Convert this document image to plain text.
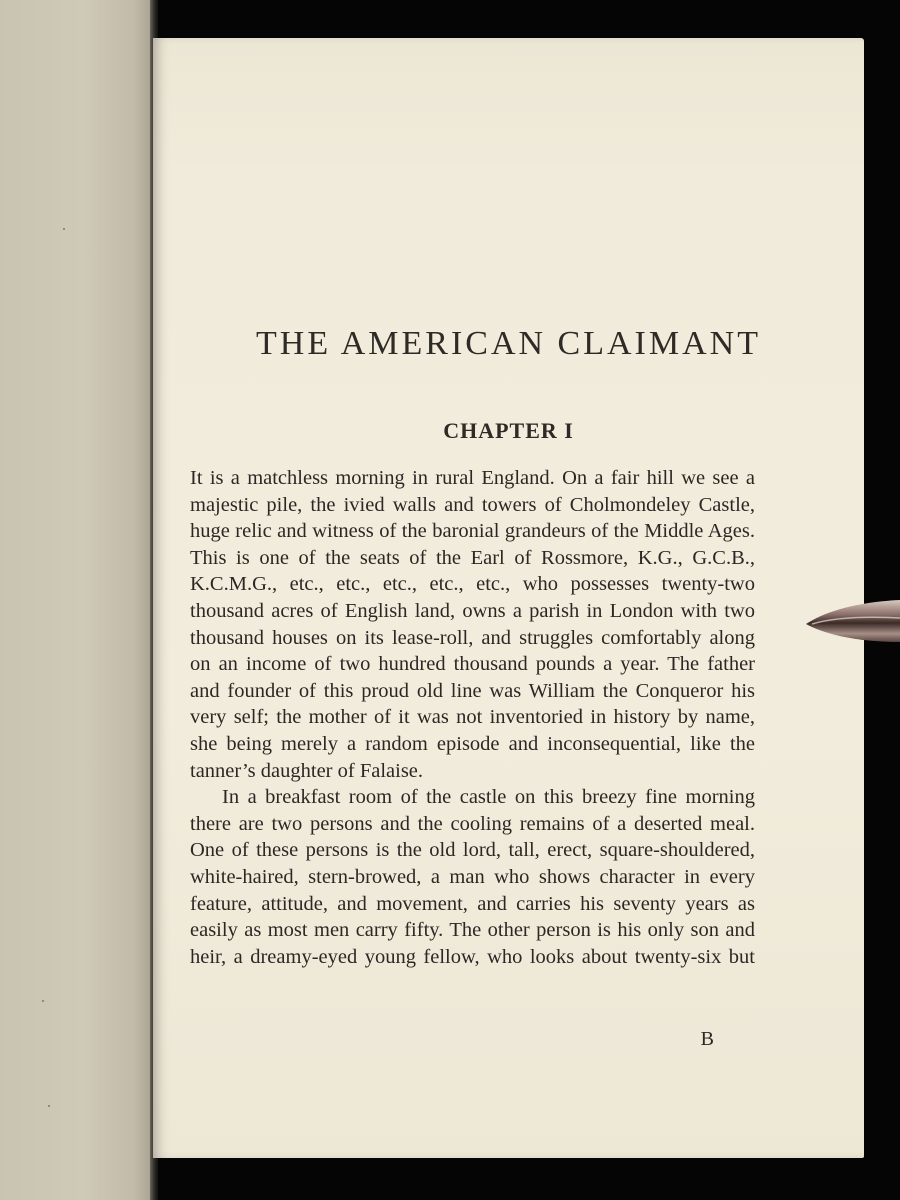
THE AMERICAN CLAIMANT
CHAPTER I

It is a matchless morning in rural England. On a fair hill we see a majestic pile, the ivied walls and towers of Cholmondeley Castle, huge relic and witness of the baronial grandeurs of the Middle Ages. This is one of the seats of the Earl of Rossmore, K.G., G.C.B., K.C.M.G., etc., etc., etc., etc., etc., who possesses twenty-two thousand acres of English land, owns a parish in London with two thousand houses on its lease-roll, and struggles comfortably along on an income of two hundred thousand pounds a year. The father and founder of this proud old line was William the Conqueror his very self; the mother of it was not inventoried in history by name, she being merely a random episode and inconsequential, like the tanner’s daughter of Falaise.

In a breakfast room of the castle on this breezy fine morning there are two persons and the cooling remains of a deserted meal. One of these persons is the old lord, tall, erect, square-shouldered, white-haired, stern-browed, a man who shows character in every feature, attitude, and movement, and carries his seventy years as easily as most men carry fifty. The other person is his only son and heir, a dreamy-eyed young fellow, who looks about twenty-six but

B
